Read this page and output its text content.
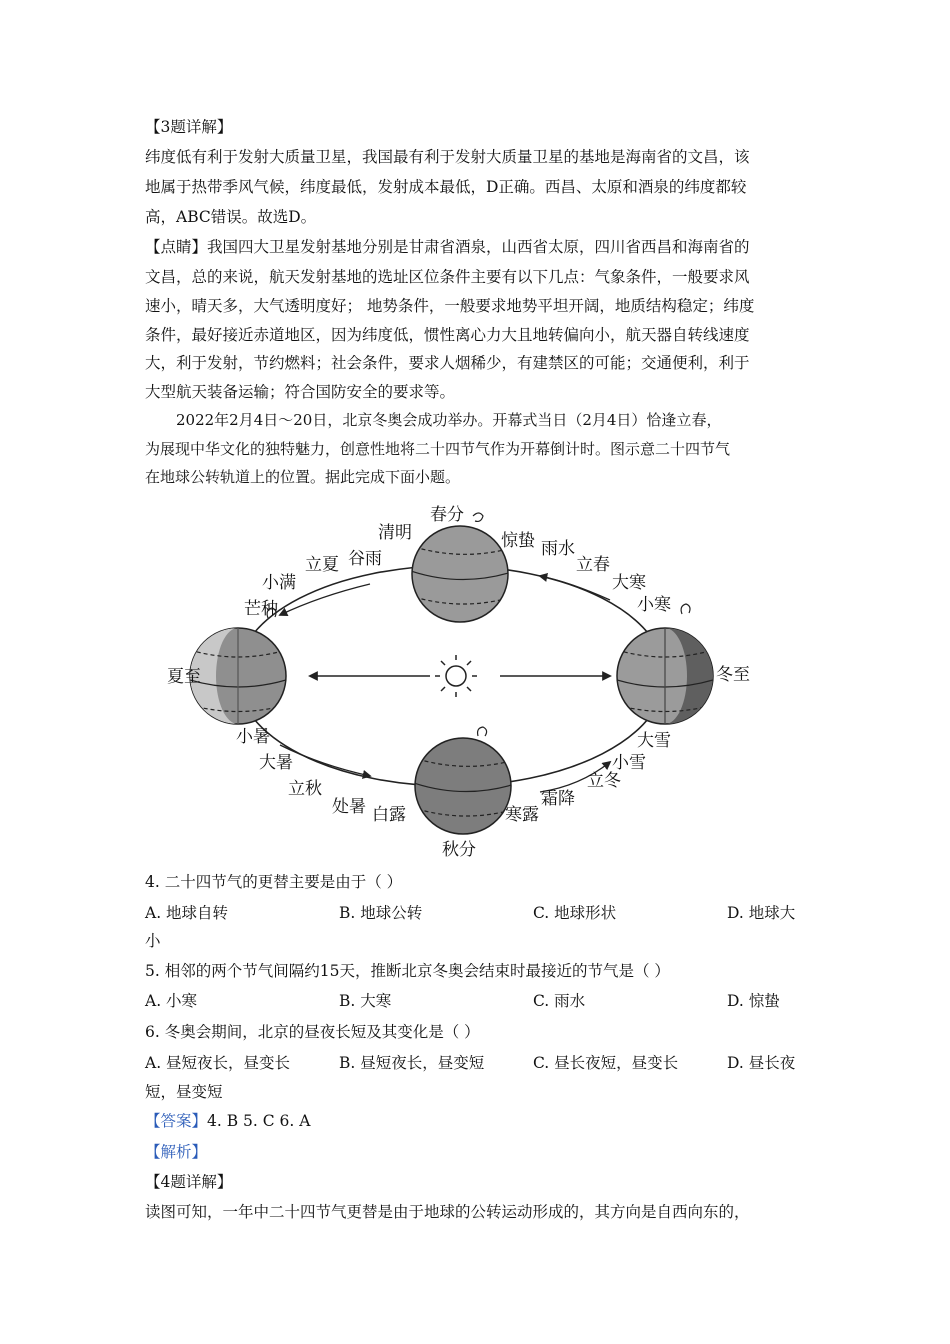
【3题详解】
纬度低有利于发射大质量卫星，我国最有利于发射大质量卫星的基地是海南省的文昌，该
地属于热带季风气候，纬度最低，发射成本最低，D正确。西昌、太原和酒泉的纬度都较
高，ABC错误。故选D。
【点睛】我国四大卫星发射基地分别是甘肃省酒泉，山西省太原，四川省西昌和海南省的
文昌，总的来说，航天发射基地的选址区位条件主要有以下几点：气象条件，一般要求风
速小，晴天多，大气透明度好； 地势条件，一般要求地势平坦开阔，地质结构稳定；纬度
条件，最好接近赤道地区，因为纬度低，惯性离心力大且地转偏向小，航天器自转线速度
大，利于发射，节约燃料；社会条件，要求人烟稀少，有建禁区的可能；交通便利，利于
大型航天装备运输；符合国防安全的要求等。
2022年2月4日～20日，北京冬奥会成功举办。开幕式当日（2月4日）恰逢立春，
为展现中华文化的独特魅力，创意性地将二十四节气作为开幕倒计时。图示意二十四节气
在地球公转轨道上的位置。据此完成下面小题。
春分
清明
谷雨
立夏
小满
芒种
夏至
小暑
大暑
立秋
处暑 白露
秋分
寒露
霜降
立冬
小雪
大雪
冬至
小寒
大寒
立春
雨水
惊蛰
4. 二十四节气的更替主要是由于（ ）
A. 地球自转	B. 地球公转	C. 地球形状	D. 地球大
小
5. 相邻的两个节气间隔约15天，推断北京冬奥会结束时最接近的节气是（ ）
A. 小寒	B. 大寒	C. 雨水	D. 惊蛰
6. 冬奥会期间，北京的昼夜长短及其变化是（ ）
A. 昼短夜长，昼变长	B. 昼短夜长，昼变短	C. 昼长夜短，昼变长	D. 昼长夜
短，昼变短
【答案】4. B 5. C 6. A
【解析】
【4题详解】
读图可知，一年中二十四节气更替是由于地球的公转运动形成的，其方向是自西向东的，
